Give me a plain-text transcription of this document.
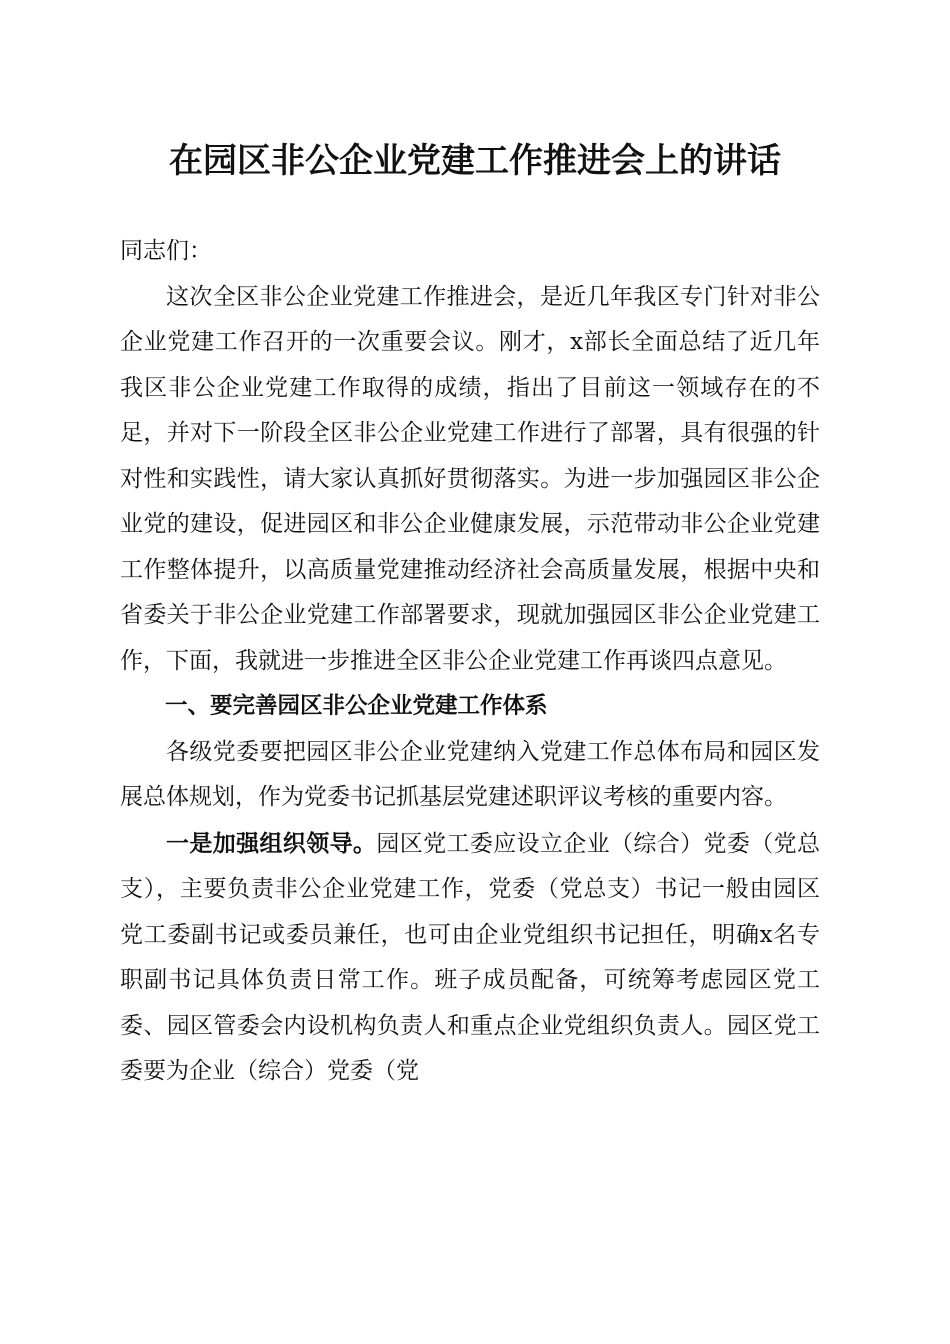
在园区非公企业党建工作推进会上的讲话

同志们：

这次全区非公企业党建工作推进会，是近几年我区专门针对非公企业党建工作召开的一次重要会议。刚才，x部长全面总结了近几年我区非公企业党建工作取得的成绩，指出了目前这一领域存在的不足，并对下一阶段全区非公企业党建工作进行了部署，具有很强的针对性和实践性，请大家认真抓好贯彻落实。为进一步加强园区非公企业党的建设，促进园区和非公企业健康发展，示范带动非公企业党建工作整体提升，以高质量党建推动经济社会高质量发展，根据中央和省委关于非公企业党建工作部署要求，现就加强园区非公企业党建工作，下面，我就进一步推进全区非公企业党建工作再谈四点意见。

一、要完善园区非公企业党建工作体系

各级党委要把园区非公企业党建纳入党建工作总体布局和园区发展总体规划，作为党委书记抓基层党建述职评议考核的重要内容。

一是加强组织领导。园区党工委应设立企业（综合）党委（党总支），主要负责非公企业党建工作，党委（党总支）书记一般由园区党工委副书记或委员兼任，也可由企业党组织书记担任，明确x名专职副书记具体负责日常工作。班子成员配备，可统筹考虑园区党工委、园区管委会内设机构负责人和重点企业党组织负责人。园区党工委要为企业（综合）党委（党
